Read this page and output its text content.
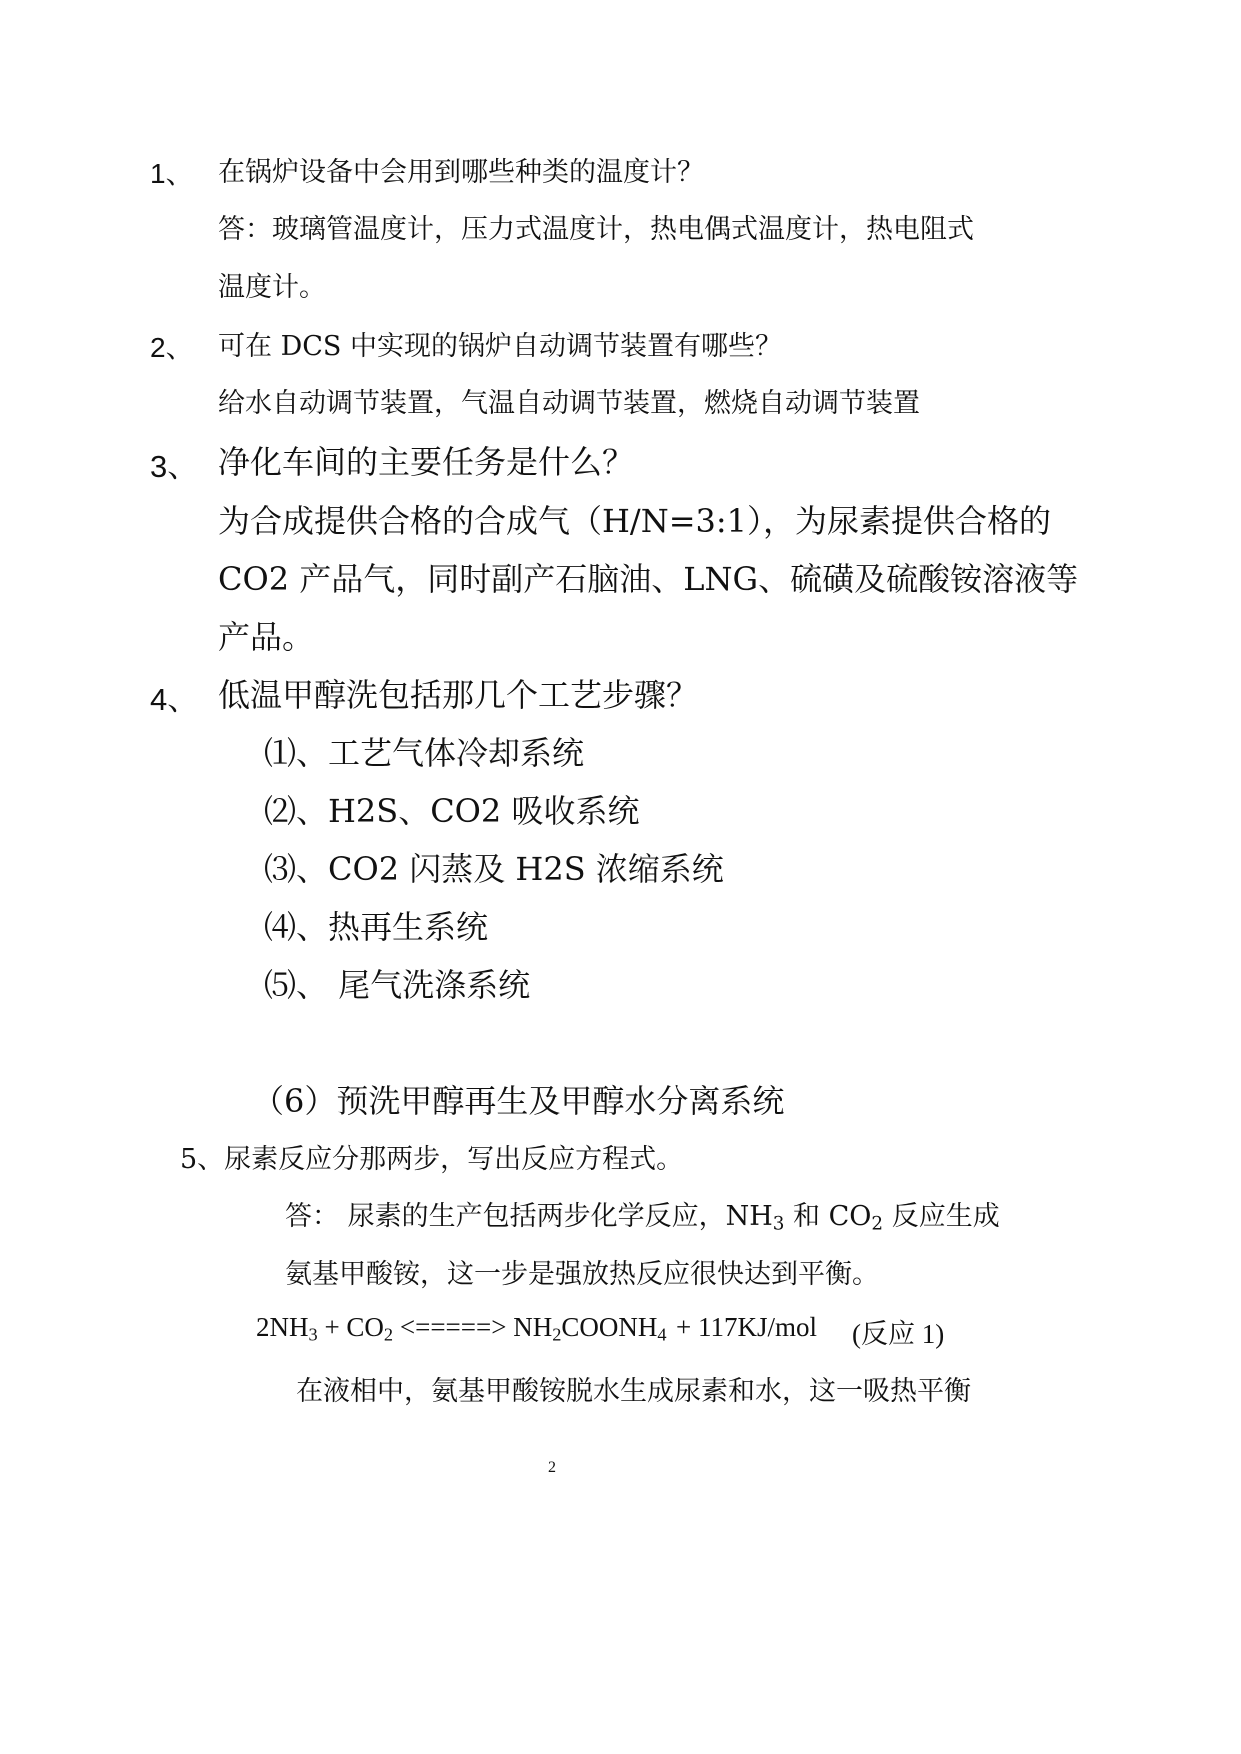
1、 在锅炉设备中会用到哪些种类的温度计？
答：玻璃管温度计，压力式温度计，热电偶式温度计，热电阻式
温度计。
2、 可在 DCS 中实现的锅炉自动调节装置有哪些？
给水自动调节装置，气温自动调节装置，燃烧自动调节装置
3、 净化车间的主要任务是什么？
为合成提供合格的合成气（H/N=3:1），为尿素提供合格的
CO2 产品气，同时副产石脑油、LNG、硫磺及硫酸铵溶液等
产品。
4、 低温甲醇洗包括那几个工艺步骤？
⑴、工艺气体冷却系统
⑵、H2S、CO2 吸收系统
⑶、CO2 闪蒸及 H2S 浓缩系统
⑷、热再生系统
⑸、 尾气洗涤系统
（6）预洗甲醇再生及甲醇水分离系统
5、尿素反应分那两步，写出反应方程式。
答： 尿素的生产包括两步化学反应，$NH_3$ 和 $CO_2$ 反应生成
氨基甲酸铵，这一步是强放热反应很快达到平衡。
$2NH_3 + CO_2$ <=====> $NH_2COONH_4 + 117KJ/mol$ (反应 1)
在液相中，氨基甲酸铵脱水生成尿素和水，这一吸热平衡
2
